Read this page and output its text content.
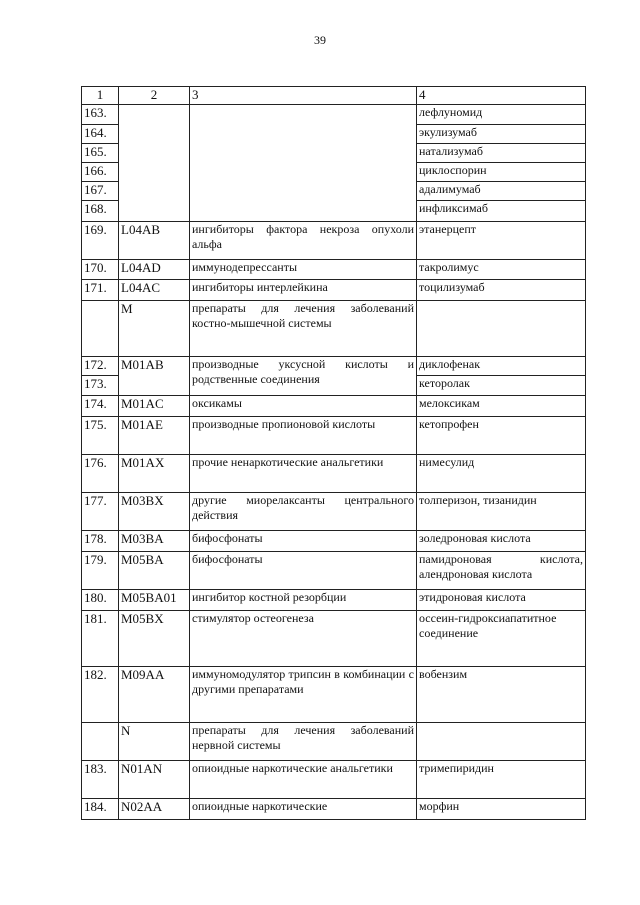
39
1	2	3	4
163.			лефлуномид
164.			экулизумаб
165.			натализумаб
166.			циклоспорин
167.			адалимумаб
168.			инфликсимаб
169.	L04AB	ингибиторы фактора некроза опухоли альфа	этанерцепт
170.	L04AD	иммунодепрессанты	такролимус
171.	L04AC	ингибиторы интерлейкина	тоцилизумаб
	M	препараты для лечения заболеваний костно-мышечной системы	
172.	M01AB	производные уксусной кислоты и родственные соединения	диклофенак
173.			кеторолак
174.	M01AC	оксикамы	мелоксикам
175.	M01AE	производные пропионовой кислоты	кетопрофен
176.	M01AX	прочие ненаркотические анальгетики	нимесулид
177.	M03BX	другие миорелаксанты центрального действия	толперизон, тизанидин
178.	M03BA	бифосфонаты	золедроновая кислота
179.	M05BA	бифосфонаты	памидроновая кислота, алендроновая кислота
180.	M05BA01	ингибитор костной резорбции	этидроновая кислота
181.	M05BX	стимулятор остеогенеза	оссеин-гидроксиапатитное соединение
182.	M09AA	иммуномодулятор трипсин в комбинации с другими препаратами	вобензим
	N	препараты для лечения заболеваний нервной системы	
183.	N01AN	опиоидные наркотические анальгетики	тримепиридин
184.	N02AA	опиоидные наркотические	морфин
